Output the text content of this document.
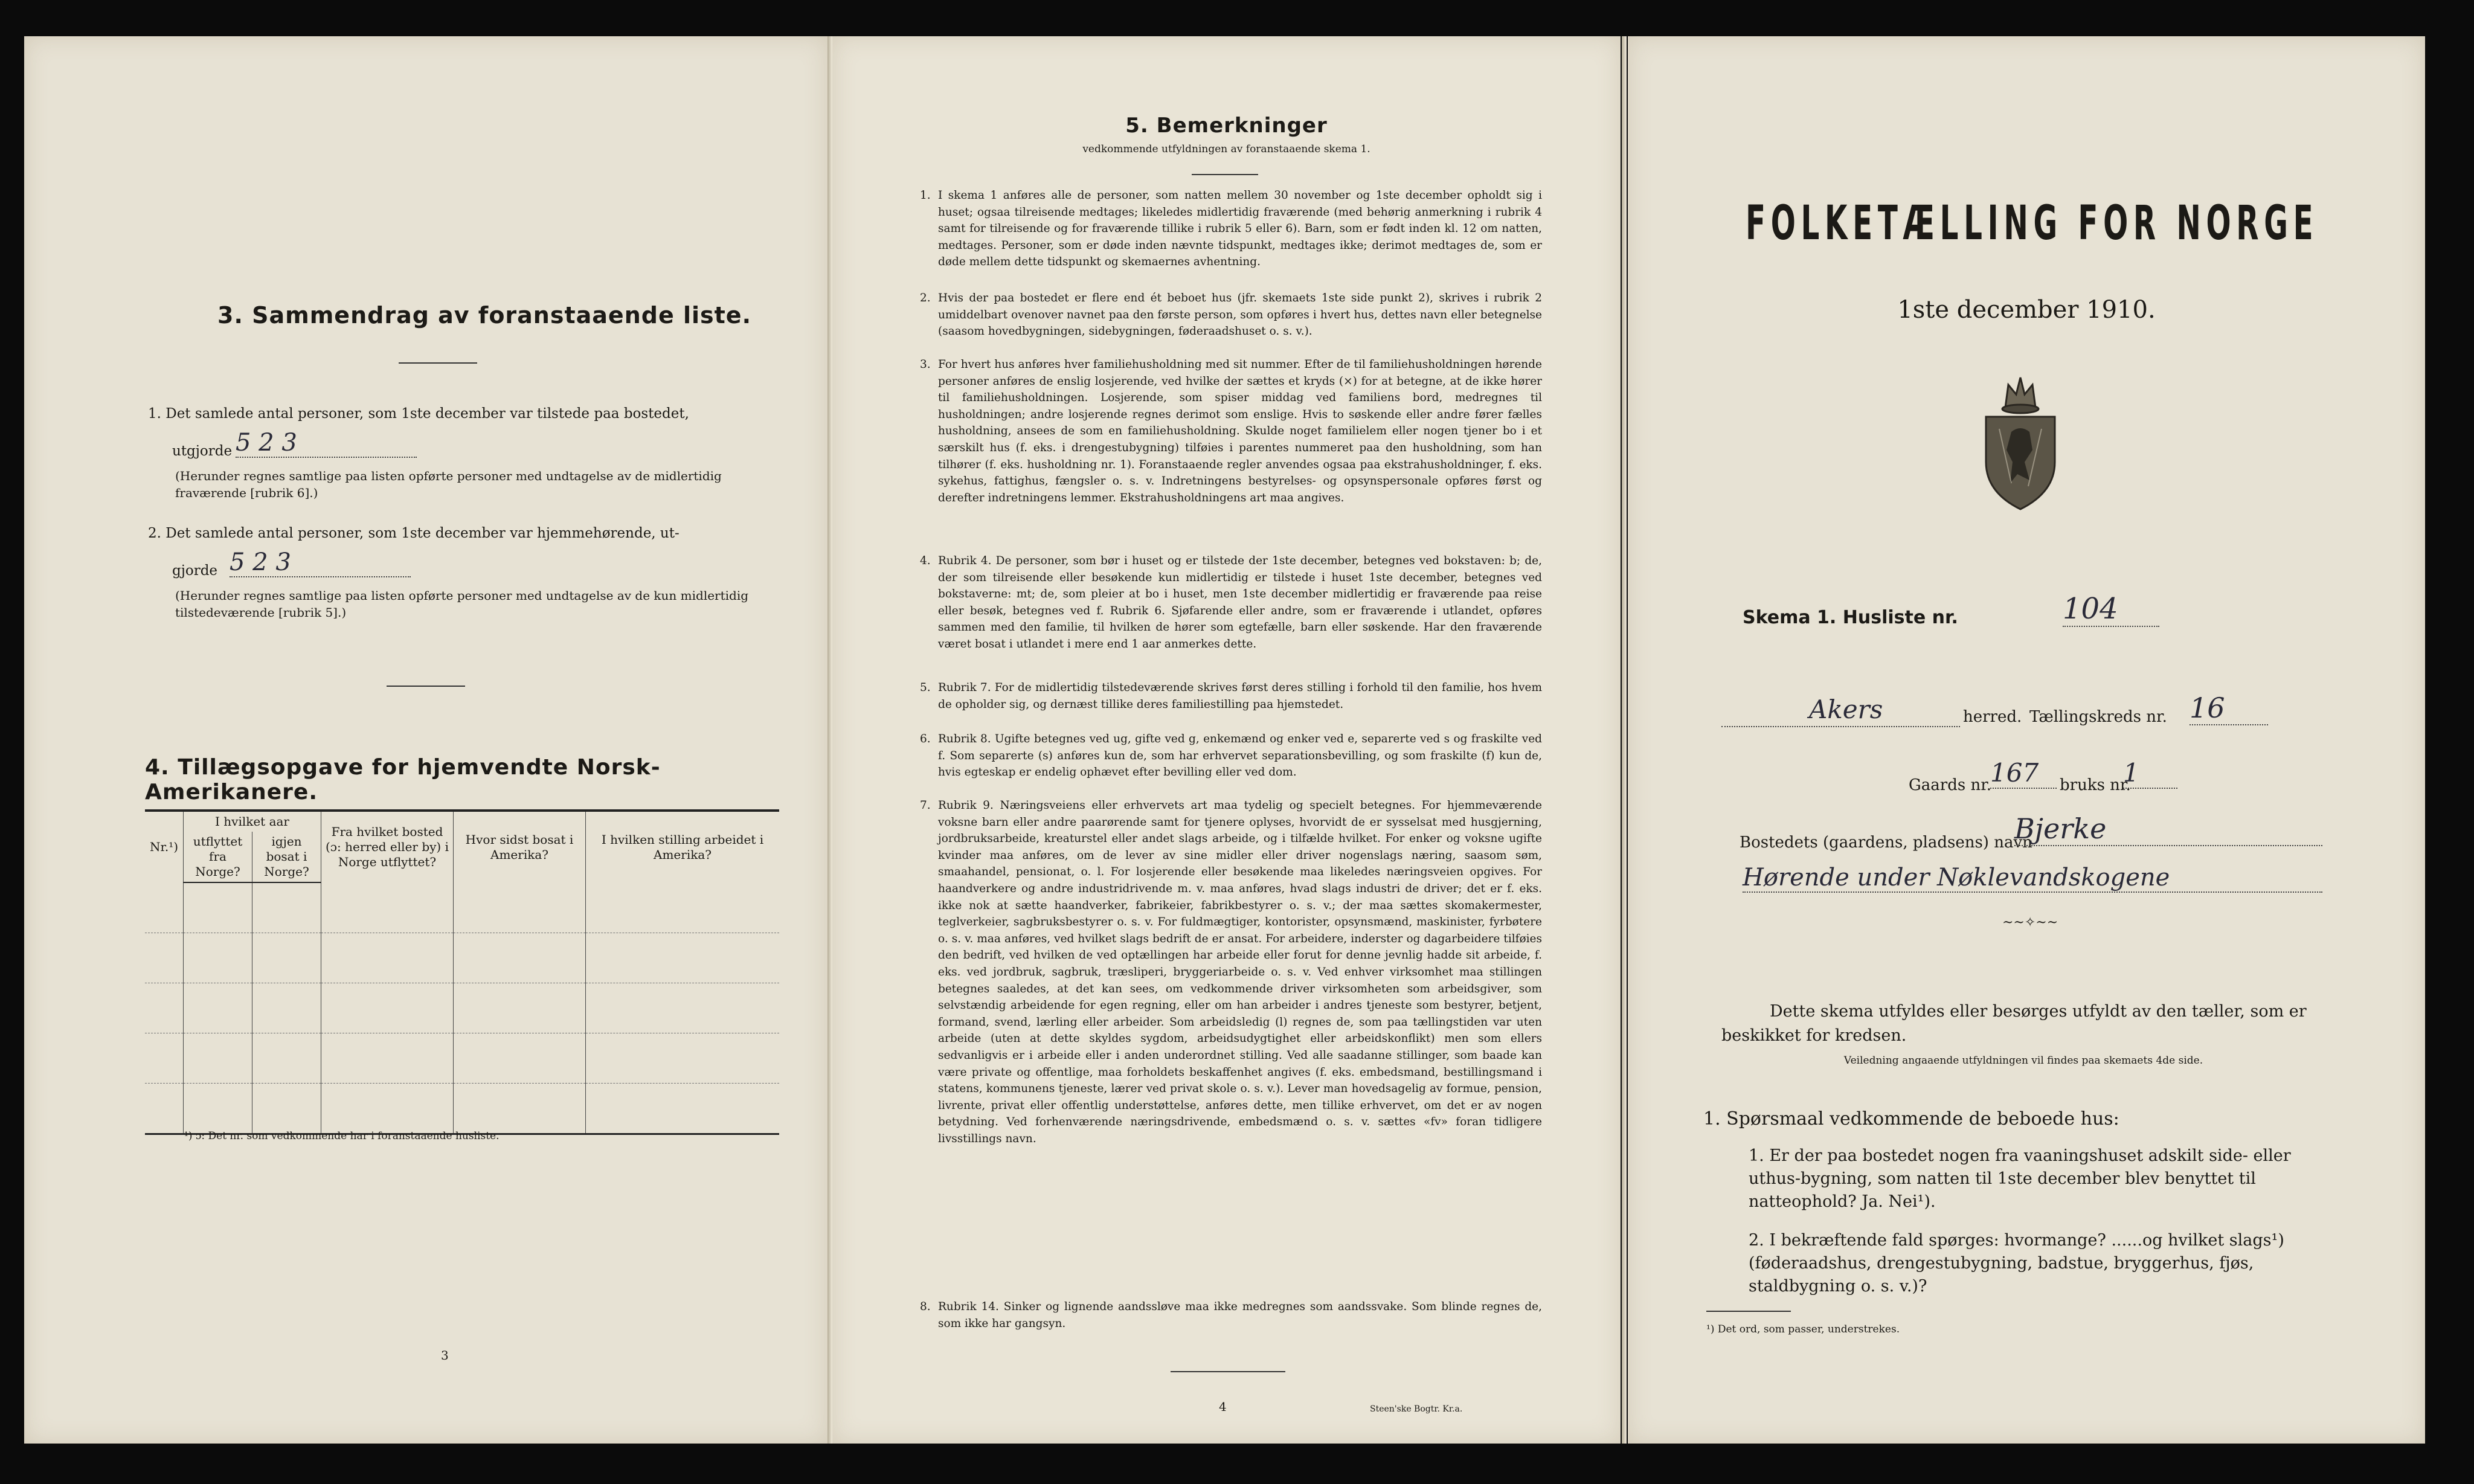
3. Sammendrag av foranstaaende liste.
1. Det samlede antal personer, som 1ste december var tilstede paa bostedet,
utgjorde 5 2 3
(Herunder regnes samtlige paa listen opførte personer med undtagelse av de midlertidig fraværende [rubrik 6].)
2. Det samlede antal personer, som 1ste december var hjemmehørende, ut-
gjorde 5 2 3
(Herunder regnes samtlige paa listen opførte personer med undtagelse av de kun midlertidig tilstedeværende [rubrik 5].)
4. Tillægsopgave for hjemvendte Norsk-Amerikanere.
Nr.¹)	I hvilket aar		Fra hvilket bosted (ɔ: herred eller by) i Norge utflyttet?	Hvor sidst bosat i Amerika?	I hvilken stilling arbeidet i Amerika?
	utflyttet fra Norge?	igjen bosat i Norge?			

¹) ɔ: Det nr. som vedkommende har i foranstaaende husliste.
3
5. Bemerkninger
vedkommende utfyldningen av foranstaaende skema 1.
1. I skema 1 anføres alle de personer, som natten mellem 30 november og 1ste december opholdt sig i huset; ogsaa tilreisende medtages; likeledes midlertidig fraværende (med behørig anmerkning i rubrik 4 samt for tilreisende og for fraværende tillike i rubrik 5 eller 6). Barn, som er født inden kl. 12 om natten, medtages. Personer, som er døde inden nævnte tidspunkt, medtages ikke; derimot medtages de, som er døde mellem dette tidspunkt og skemaernes avhentning.
2. Hvis der paa bostedet er flere end ét beboet hus (jfr. skemaets 1ste side punkt 2), skrives i rubrik 2 umiddelbart ovenover navnet paa den første person, som opføres i hvert hus, dettes navn eller betegnelse (saasom hovedbygningen, sidebygningen, føderaadshuset o. s. v.).
3. For hvert hus anføres hver familiehusholdning med sit nummer. Efter de til familiehusholdningen hørende personer anføres de enslig losjerende, ved hvilke der sættes et kryds (×) for at betegne, at de ikke hører til familiehusholdningen. Losjerende, som spiser middag ved familiens bord, medregnes til husholdningen; andre losjerende regnes derimot som enslige. Hvis to søskende eller andre fører fælles husholdning, ansees de som en familiehusholdning. Skulde noget familielem eller nogen tjener bo i et særskilt hus (f. eks. i drengestubygning) tilføies i parentes nummeret paa den husholdning, som han tilhører (f. eks. husholdning nr. 1). Foranstaaende regler anvendes ogsaa paa ekstrahusholdninger, f. eks. sykehus, fattighus, fængsler o. s. v. Indretningens bestyrelses- og opsynspersonale opføres først og derefter indretningens lemmer. Ekstrahusholdningens art maa angives.
4. Rubrik 4. De personer, som bør i huset og er tilstede der 1ste december, betegnes ved bokstaven: b; de, der som tilreisende eller besøkende kun midlertidig er tilstede i huset 1ste december, betegnes ved bokstaverne: mt; de, som pleier at bo i huset, men 1ste december midlertidig er fraværende paa reise eller besøk, betegnes ved f. Rubrik 6. Sjøfarende eller andre, som er fraværende i utlandet, opføres sammen med den familie, til hvilken de hører som egtefælle, barn eller søskende. Har den fraværende været bosat i utlandet i mere end 1 aar anmerkes dette.
5. Rubrik 7. For de midlertidig tilstedeværende skrives først deres stilling i forhold til den familie, hos hvem de opholder sig, og dernæst tillike deres familiestilling paa hjemstedet.
6. Rubrik 8. Ugifte betegnes ved ug, gifte ved g, enkemænd og enker ved e, separerte ved s og fraskilte ved f. Som separerte (s) anføres kun de, som har erhvervet separationsbevilling, og som fraskilte (f) kun de, hvis egteskap er endelig ophævet efter bevilling eller ved dom.
7. Rubrik 9. Næringsveiens eller erhvervets art maa tydelig og specielt betegnes. For hjemmeværende voksne barn eller andre paarørende samt for tjenere oplyses, hvorvidt de er sysselsat med husgjerning, jordbruksarbeide, kreaturstel eller andet slags arbeide, og i tilfælde hvilket. For enker og voksne ugifte kvinder maa anføres, om de lever av sine midler eller driver nogenslags næring, saasom søm, smaahandel, pensionat, o. l. For losjerende eller besøkende maa likeledes næringsveien opgives. For haandverkere og andre industridrivende m. v. maa anføres, hvad slags industri de driver; det er f. eks. ikke nok at sætte haandverker, fabrikeier, fabrikbestyrer o. s. v.; der maa sættes skomakermester, teglverkeier, sagbruksbestyrer o. s. v. For fuldmægtiger, kontorister, opsynsmænd, maskinister, fyrbøtere o. s. v. maa anføres, ved hvilket slags bedrift de er ansat. For arbeidere, inderster og dagarbeidere tilføies den bedrift, ved hvilken de ved optællingen har arbeide eller forut for denne jevnlig hadde sit arbeide, f. eks. ved jordbruk, sagbruk, træsliperi, bryggeriarbeide o. s. v. Ved enhver virksomhet maa stillingen betegnes saaledes, at det kan sees, om vedkommende driver virksomheten som arbeidsgiver, som selvstændig arbeidende for egen regning, eller om han arbeider i andres tjeneste som bestyrer, betjent, formand, svend, lærling eller arbeider. Som arbeidsledig (l) regnes de, som paa tællingstiden var uten arbeide (uten at dette skyldes sygdom, arbeidsudygtighet eller arbeidskonflikt) men som ellers sedvanligvis er i arbeide eller i anden underordnet stilling. Ved alle saadanne stillinger, som baade kan være private og offentlige, maa forholdets beskaffenhet angives (f. eks. embedsmand, bestillingsmand i statens, kommunens tjeneste, lærer ved privat skole o. s. v.). Lever man hovedsagelig av formue, pension, livrente, privat eller offentlig understøttelse, anføres dette, men tillike erhvervet, om det er av nogen betydning. Ved forhenværende næringsdrivende, embedsmænd o. s. v. sættes «fv» foran tidligere livsstillings navn.
8. Rubrik 14. Sinker og lignende aandssløve maa ikke medregnes som aandssvake. Som blinde regnes de, som ikke har gangsyn.
4	Steen'ske Bogtr. Kr.a.
FOLKETÆLLING FOR NORGE
1ste december 1910.
Skema 1. Husliste nr.	104
Akers	herred. Tællingskreds nr. 16
Gaards nr.
167	bruks nr.
1
Bostedets (gaardens, pladsens) navn
Bjerke
Hørende under Nøklevandskogene
~~✧~~
Dette skema utfyldes eller besørges utfyldt av den tæller, som er beskikket for kredsen.
Veiledning angaaende utfyldningen vil findes paa skemaets 4de side.
1. Spørsmaal vedkommende de beboede hus:
1. Er der paa bostedet nogen fra vaaningshuset adskilt side- eller uthus-bygning, som natten til 1ste december blev benyttet til natteophold? Ja. Nei¹).
2. I bekræftende fald spørges: hvormange? ......og hvilket slags¹) (føderaadshus, drengestubygning, badstue, bryggerhus, fjøs, staldbygning o. s. v.)?
¹) Det ord, som passer, understrekes.
